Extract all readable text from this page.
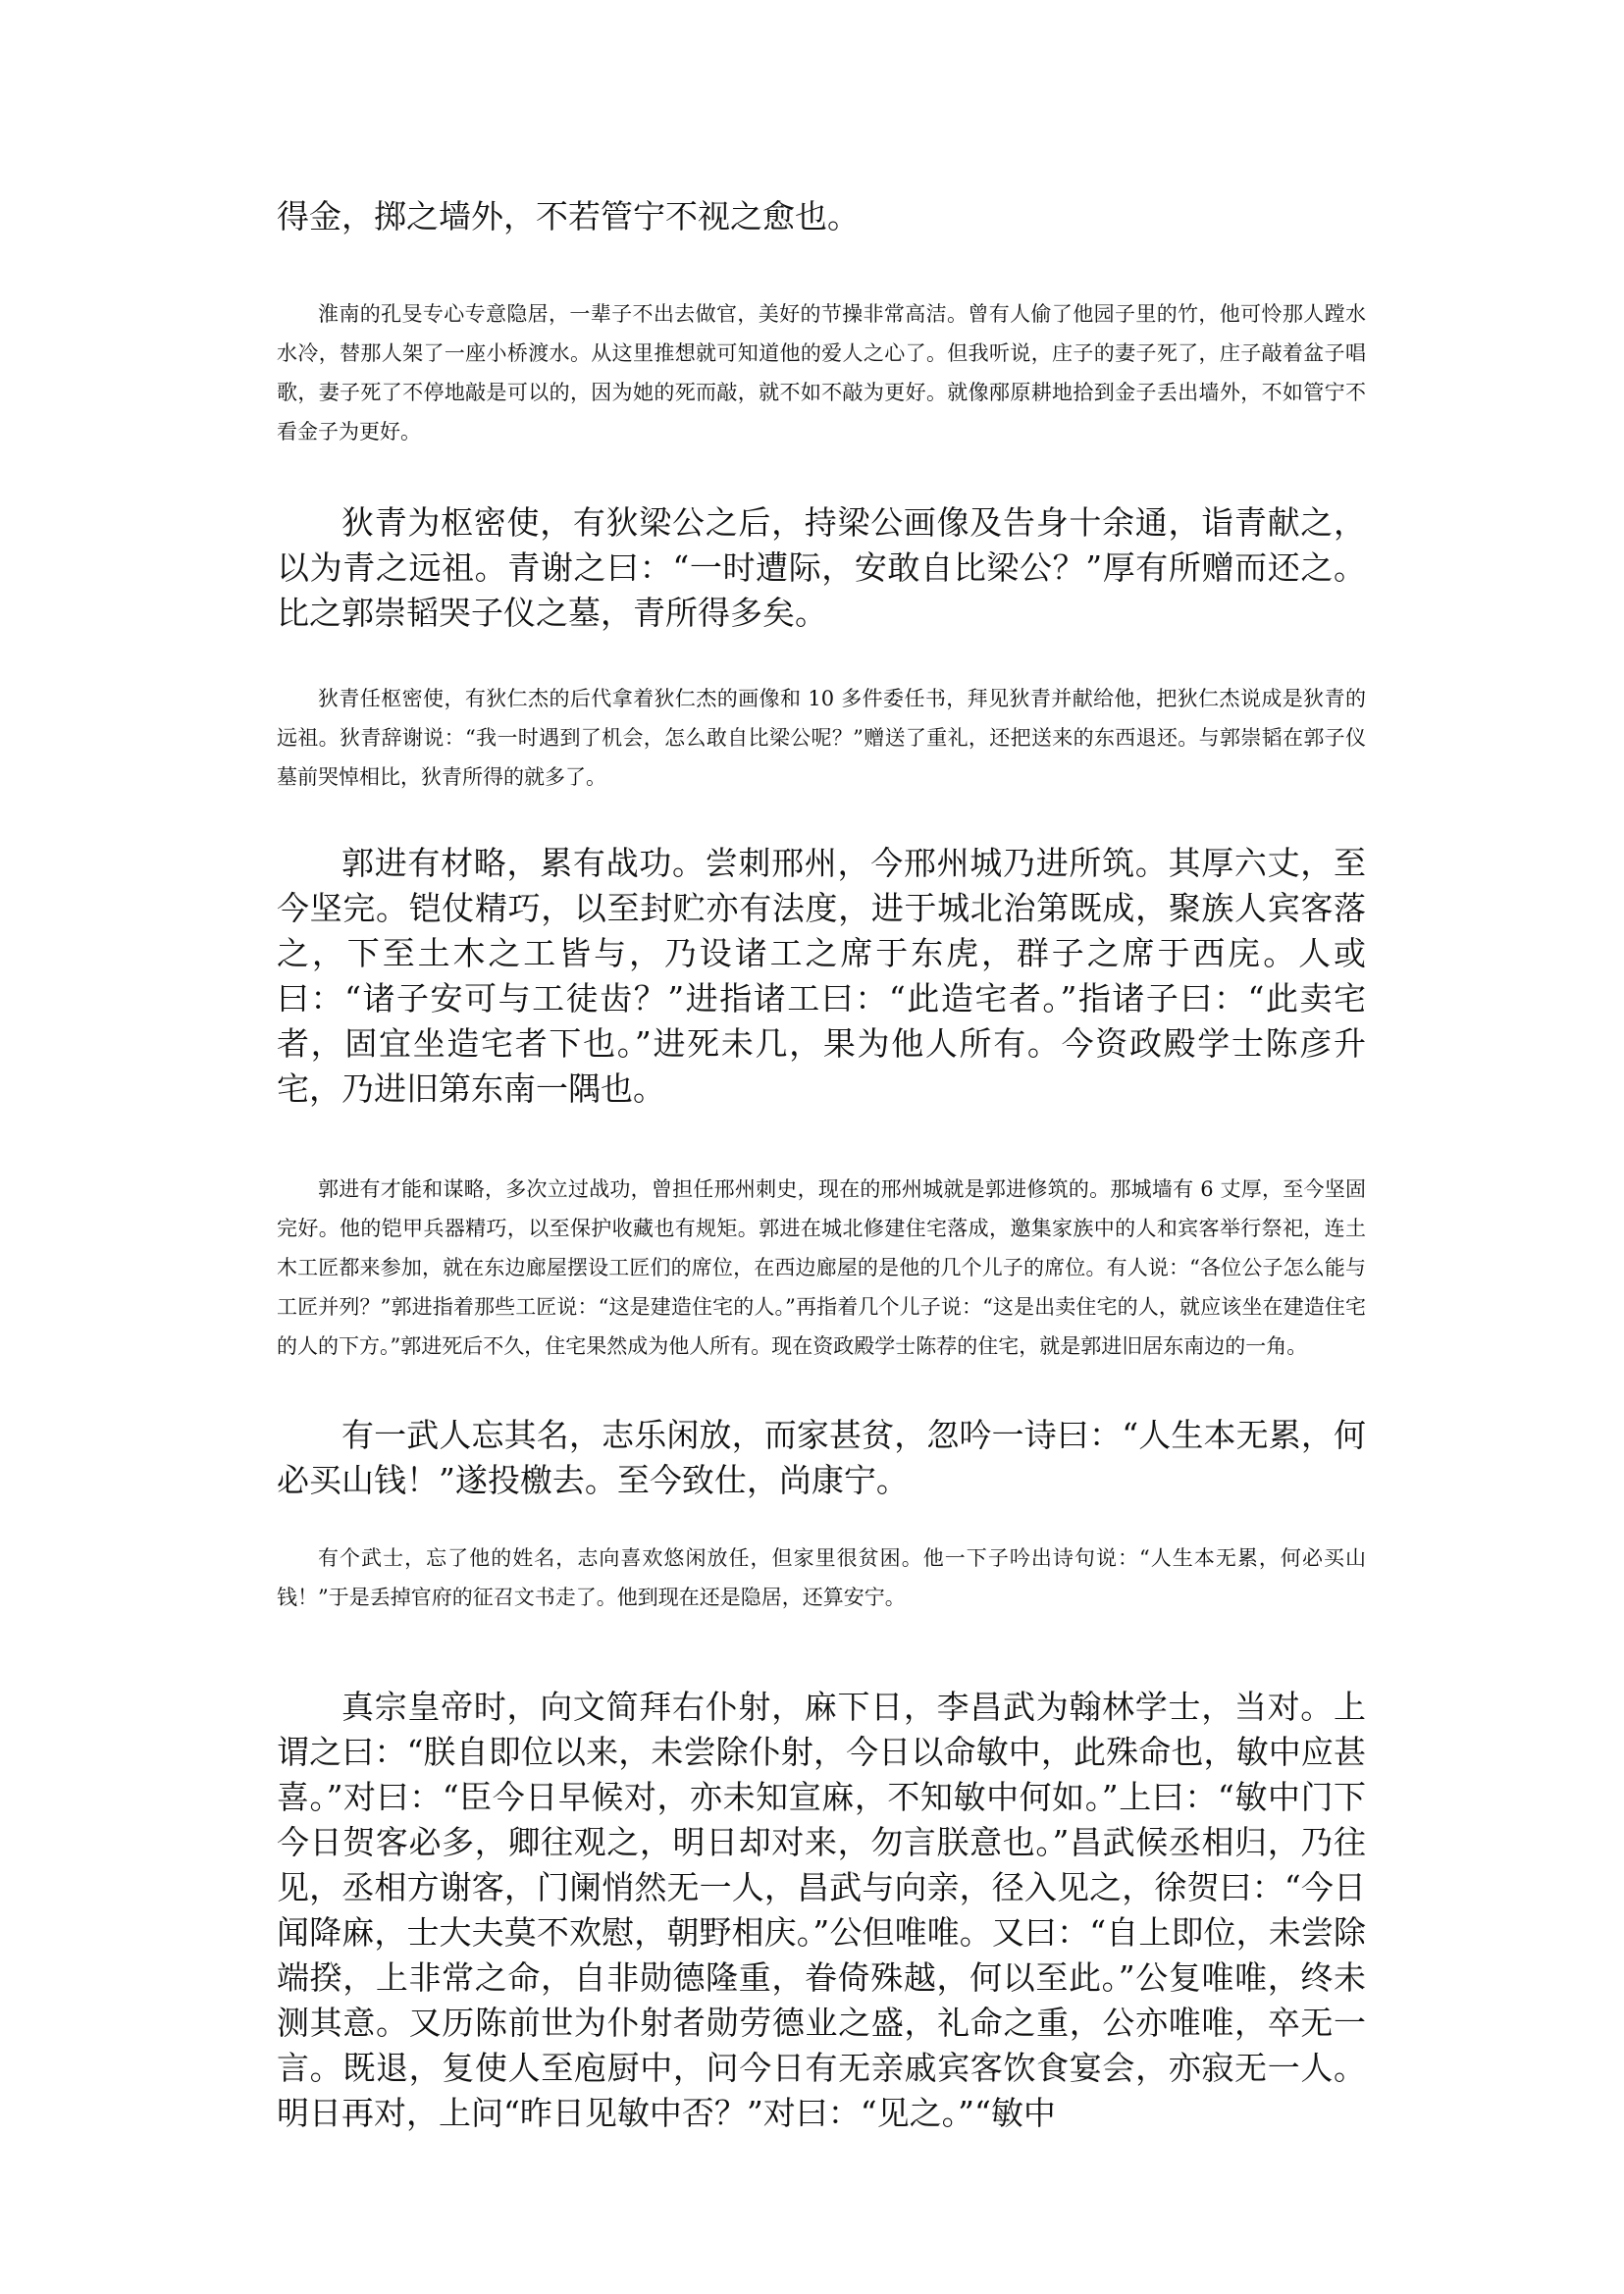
得金，掷之墙外，不若管宁不视之愈也。

淮南的孔旻专心专意隐居，一辈子不出去做官，美好的节操非常高洁。曾有人偷了他园子里的竹，他可怜那人蹚水水冷，替那人架了一座小桥渡水。从这里推想就可知道他的爱人之心了。但我听说，庄子的妻子死了，庄子敲着盆子唱歌，妻子死了不停地敲是可以的，因为她的死而敲，就不如不敲为更好。就像邴原耕地拾到金子丢出墙外，不如管宁不看金子为更好。

狄青为枢密使，有狄梁公之后，持梁公画像及告身十余通，诣青献之，以为青之远祖。青谢之曰：“一时遭际，安敢自比梁公？”厚有所赠而还之。比之郭崇韬哭子仪之墓，青所得多矣。

狄青任枢密使，有狄仁杰的后代拿着狄仁杰的画像和 10 多件委任书，拜见狄青并献给他，把狄仁杰说成是狄青的远祖。狄青辞谢说：“我一时遇到了机会，怎么敢自比梁公呢？”赠送了重礼，还把送来的东西退还。与郭崇韬在郭子仪墓前哭悼相比，狄青所得的就多了。

郭进有材略，累有战功。尝刺邢州，今邢州城乃进所筑。其厚六丈，至今坚完。铠仗精巧，以至封贮亦有法度，进于城北治第既成，聚族人宾客落之，下至土木之工皆与，乃设诸工之席于东虎，群子之席于西庑。人或曰：“诸子安可与工徒齿？”进指诸工曰：“此造宅者。”指诸子曰：“此卖宅者，固宜坐造宅者下也。”进死未几，果为他人所有。今资政殿学士陈彦升宅，乃进旧第东南一隅也。

郭进有才能和谋略，多次立过战功，曾担任邢州刺史，现在的邢州城就是郭进修筑的。那城墙有 6 丈厚，至今坚固完好。他的铠甲兵器精巧，以至保护收藏也有规矩。郭进在城北修建住宅落成，邀集家族中的人和宾客举行祭祀，连土木工匠都来参加，就在东边廊屋摆设工匠们的席位，在西边廊屋的是他的几个儿子的席位。有人说：“各位公子怎么能与工匠并列？”郭进指着那些工匠说：“这是建造住宅的人。”再指着几个儿子说：“这是出卖住宅的人，就应该坐在建造住宅的人的下方。”郭进死后不久，住宅果然成为他人所有。现在资政殿学士陈荐的住宅，就是郭进旧居东南边的一角。

有一武人忘其名，志乐闲放，而家甚贫，忽吟一诗曰：“人生本无累，何必买山钱！”遂投檄去。至今致仕，尚康宁。

有个武士，忘了他的姓名，志向喜欢悠闲放任，但家里很贫困。他一下子吟出诗句说：“人生本无累，何必买山钱！”于是丢掉官府的征召文书走了。他到现在还是隐居，还算安宁。

真宗皇帝时，向文简拜右仆射，麻下日，李昌武为翰林学士，当对。上谓之曰：“朕自即位以来，未尝除仆射，今日以命敏中，此殊命也，敏中应甚喜。”对曰：“臣今日早候对，亦未知宣麻，不知敏中何如。”上曰：“敏中门下今日贺客必多，卿往观之，明日却对来，勿言朕意也。”昌武候丞相归，乃往见，丞相方谢客，门阑悄然无一人，昌武与向亲，径入见之，徐贺曰：“今日闻降麻，士大夫莫不欢慰，朝野相庆。”公但唯唯。又曰：“自上即位，未尝除端揆，上非常之命，自非勋德隆重，眷倚殊越，何以至此。”公复唯唯，终未测其意。又历陈前世为仆射者勋劳德业之盛，礼命之重，公亦唯唯，卒无一言。既退，复使人至庖厨中，问今日有无亲戚宾客饮食宴会，亦寂无一人。明日再对，上问“昨日见敏中否？”对曰：“见之。”“敏中
